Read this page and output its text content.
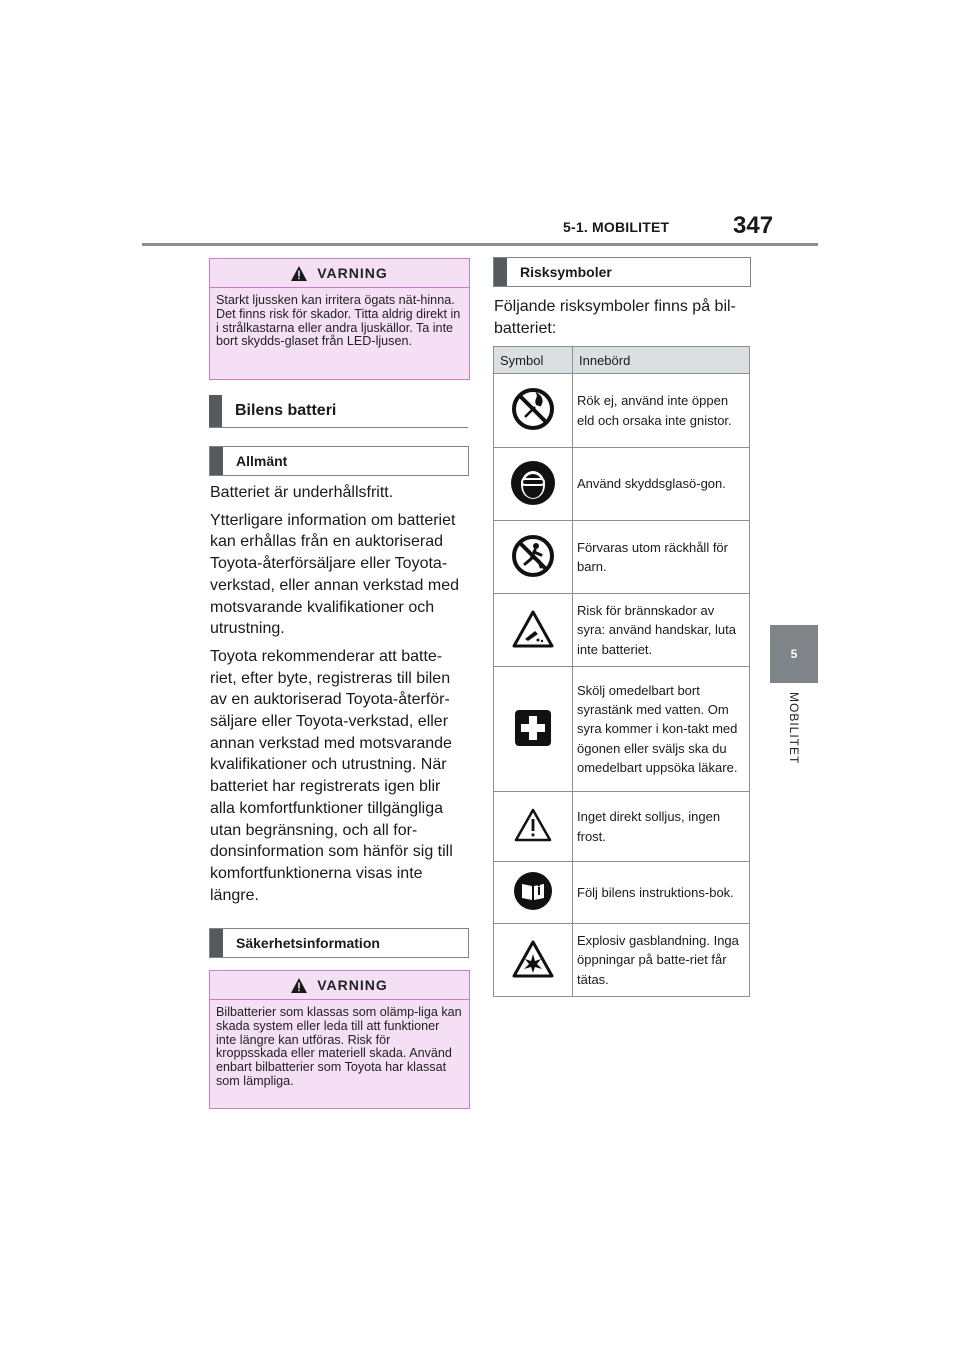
5-1. MOBILITET	347
5
MOBILITET
VARNING
Starkt ljussken kan irritera ögats nät-hinna. Det finns risk för skador. Titta aldrig direkt in i strålkastarna eller andra ljuskällor. Ta inte bort skydds-glaset från LED-ljusen.
Bilens batteri
Allmänt

Batteriet är underhållsfritt.

Ytterligare information om batteriet kan erhållas från en auktoriserad Toyota-återförsäljare eller Toyota-verkstad, eller annan verkstad med motsvarande kvalifikationer och utrustning.

Toyota rekommenderar att batte-riet, efter byte, registreras till bilen av en auktoriserad Toyota-återför-säljare eller Toyota-verkstad, eller annan verkstad med motsvarande kvalifikationer och utrustning. När batteriet har registrerats igen blir alla komfortfunktioner tillgängliga utan begränsning, och all for-donsinformation som hänför sig till komfortfunktionerna visas inte längre.

Säkerhetsinformation
VARNING
Bilbatterier som klassas som olämp-liga kan skada system eller leda till att funktioner inte längre kan utföras. Risk för kroppsskada eller materiell skada. Använd enbart bilbatterier som Toyota har klassat som lämpliga.
Risksymboler
Följande risksymboler finns på bil-batteriet:
Symbol	Innebörd
	Rök ej, använd inte öppen eld och orsaka inte gnistor.
	Använd skyddsglasö-gon.
	Förvaras utom räckhåll för barn.
	Risk för brännskador av syra: använd handskar, luta inte batteriet.
	Skölj omedelbart bort syrastänk med vatten. Om syra kommer i kon-takt med ögonen eller sväljs ska du omedelbart uppsöka läkare.
	Inget direkt solljus, ingen frost.
	Följ bilens instruktions-bok.
	Explosiv gasblandning. Inga öppningar på batte-riet får tätas.
